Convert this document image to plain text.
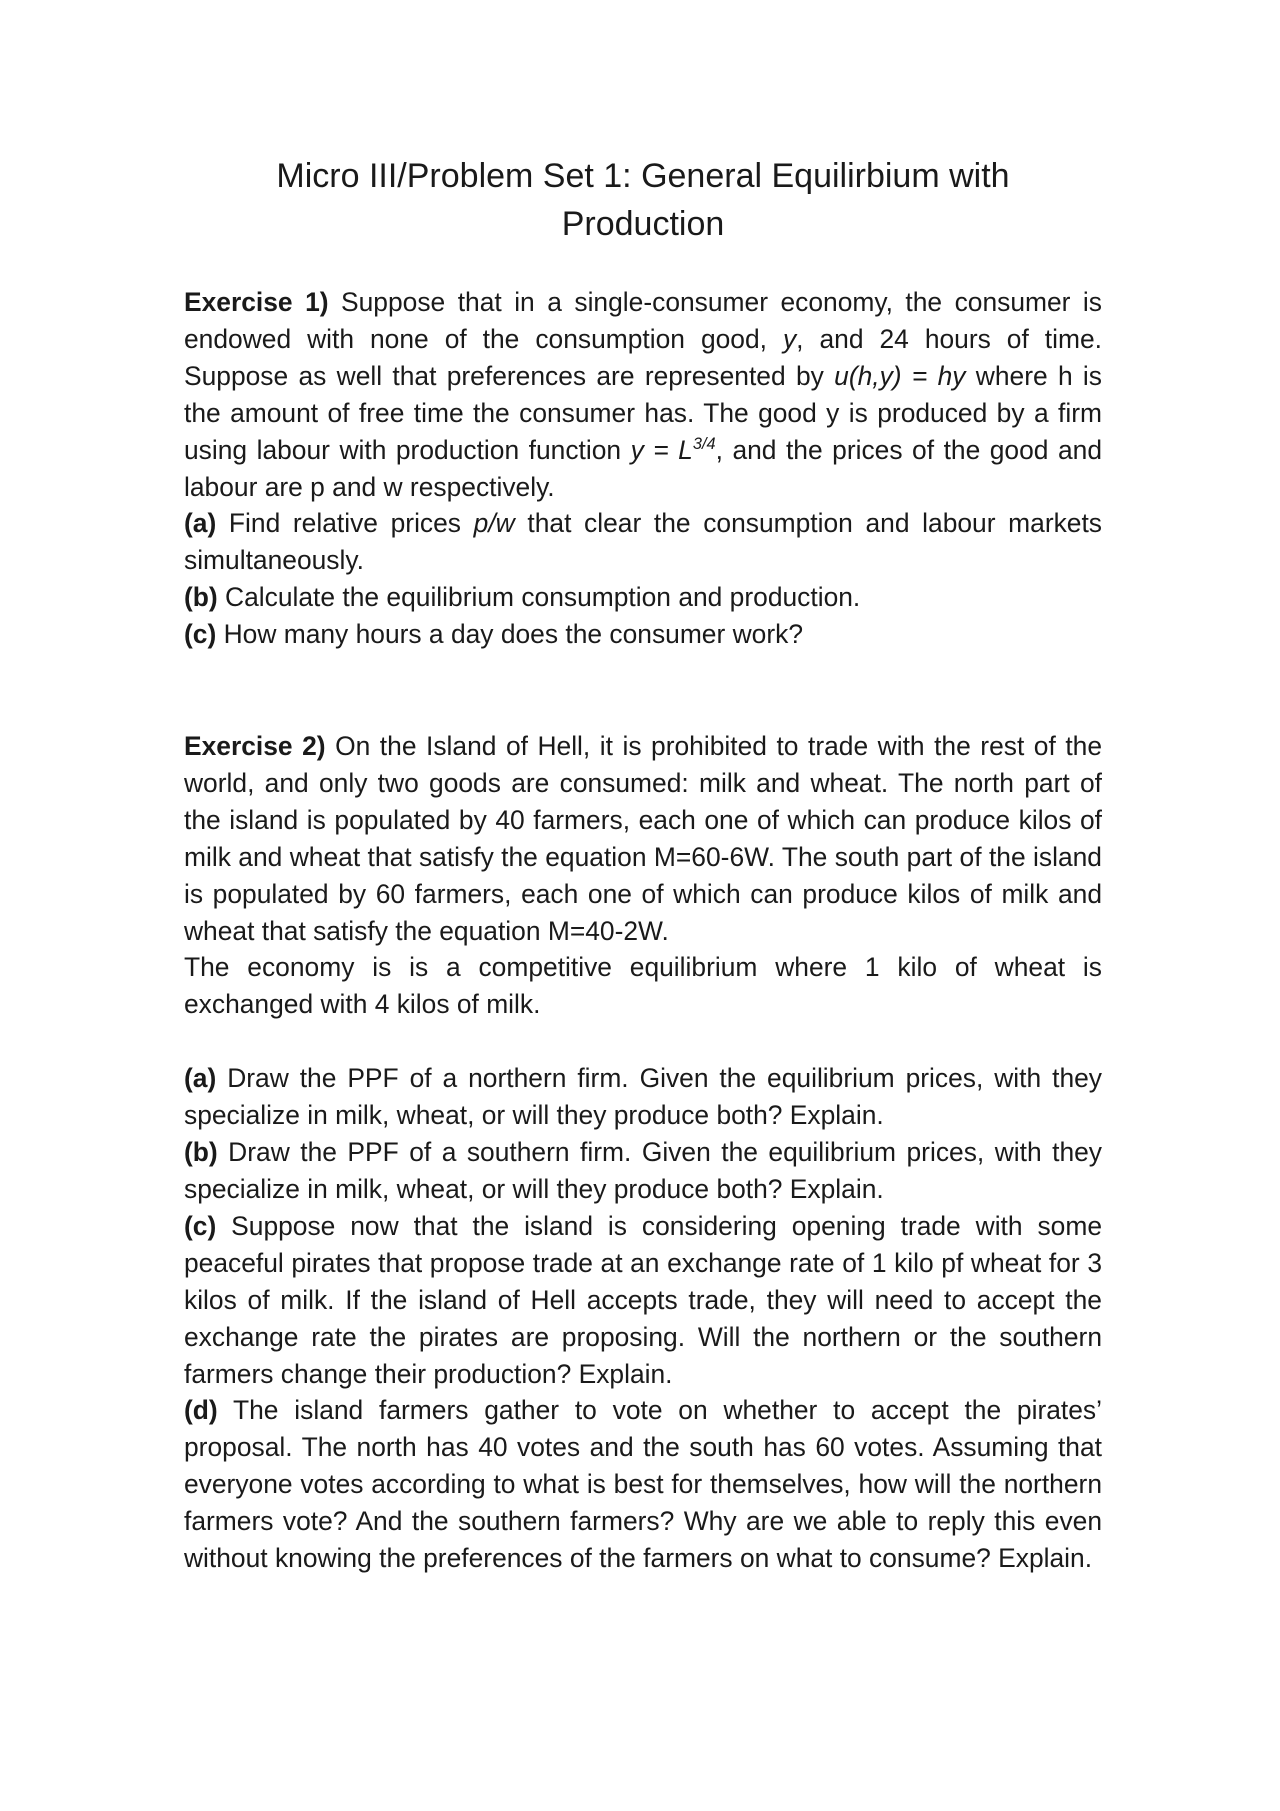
Micro III/Problem Set 1: General Equilirbium with
Production

Exercise 1) Suppose that in a single-consumer economy, the consumer is endowed with none of the consumption good, y, and 24 hours of time. Suppose as well that preferences are represented by u(h,y) = hy where h is the amount of free time the consumer has. The good y is produced by a firm using labour with production function $y = L^{3/4}$, and the prices of the good and labour are p and w respectively.

(a) Find relative prices p/w that clear the consumption and labour markets simultaneously.

(b) Calculate the equilibrium consumption and production.

(c) How many hours a day does the consumer work?

Exercise 2) On the Island of Hell, it is prohibited to trade with the rest of the world, and only two goods are consumed: milk and wheat. The north part of the island is populated by 40 farmers, each one of which can produce kilos of milk and wheat that satisfy the equation M=60-6W. The south part of the island is populated by 60 farmers, each one of which can produce kilos of milk and wheat that satisfy the equation M=40-2W.

The economy is is a competitive equilibrium where 1 kilo of wheat is exchanged with 4 kilos of milk.

(a) Draw the PPF of a northern firm. Given the equilibrium prices, with they specialize in milk, wheat, or will they produce both? Explain.

(b) Draw the PPF of a southern firm. Given the equilibrium prices, with they specialize in milk, wheat, or will they produce both? Explain.

(c) Suppose now that the island is considering opening trade with some peaceful pirates that propose trade at an exchange rate of 1 kilo pf wheat for 3 kilos of milk. If the island of Hell accepts trade, they will need to accept the exchange rate the pirates are proposing. Will the northern or the southern farmers change their production? Explain.

(d) The island farmers gather to vote on whether to accept the pirates’ proposal. The north has 40 votes and the south has 60 votes. Assuming that everyone votes according to what is best for themselves, how will the northern farmers vote? And the southern farmers? Why are we able to reply this even without knowing the preferences of the farmers on what to consume? Explain.
